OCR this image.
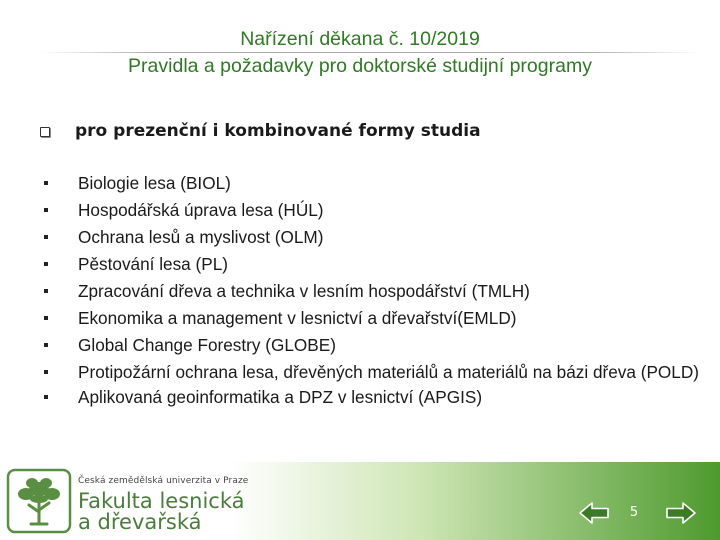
Nařízení děkana č. 10/2019
Pravidla a požadavky pro doktorské studijní programy
pro prezenční i kombinované formy studia
Biologie lesa (BIOL)
Hospodářská úprava lesa (HÚL)
Ochrana lesů a myslivost (OLM)
Pěstování lesa (PL)
Zpracování dřeva a technika v lesním hospodářství (TMLH)
Ekonomika a management v lesnictví a dřevařství(EMLD)
Global Change Forestry (GLOBE)
Protipožární ochrana lesa, dřevěných materiálů a materiálů na bázi dřeva (POLD)
Aplikovaná geoinformatika a DPZ v lesnictví (APGIS)
Česká zemědělská univerzita v Praze
Fakulta lesnická
a dřevařská	5
